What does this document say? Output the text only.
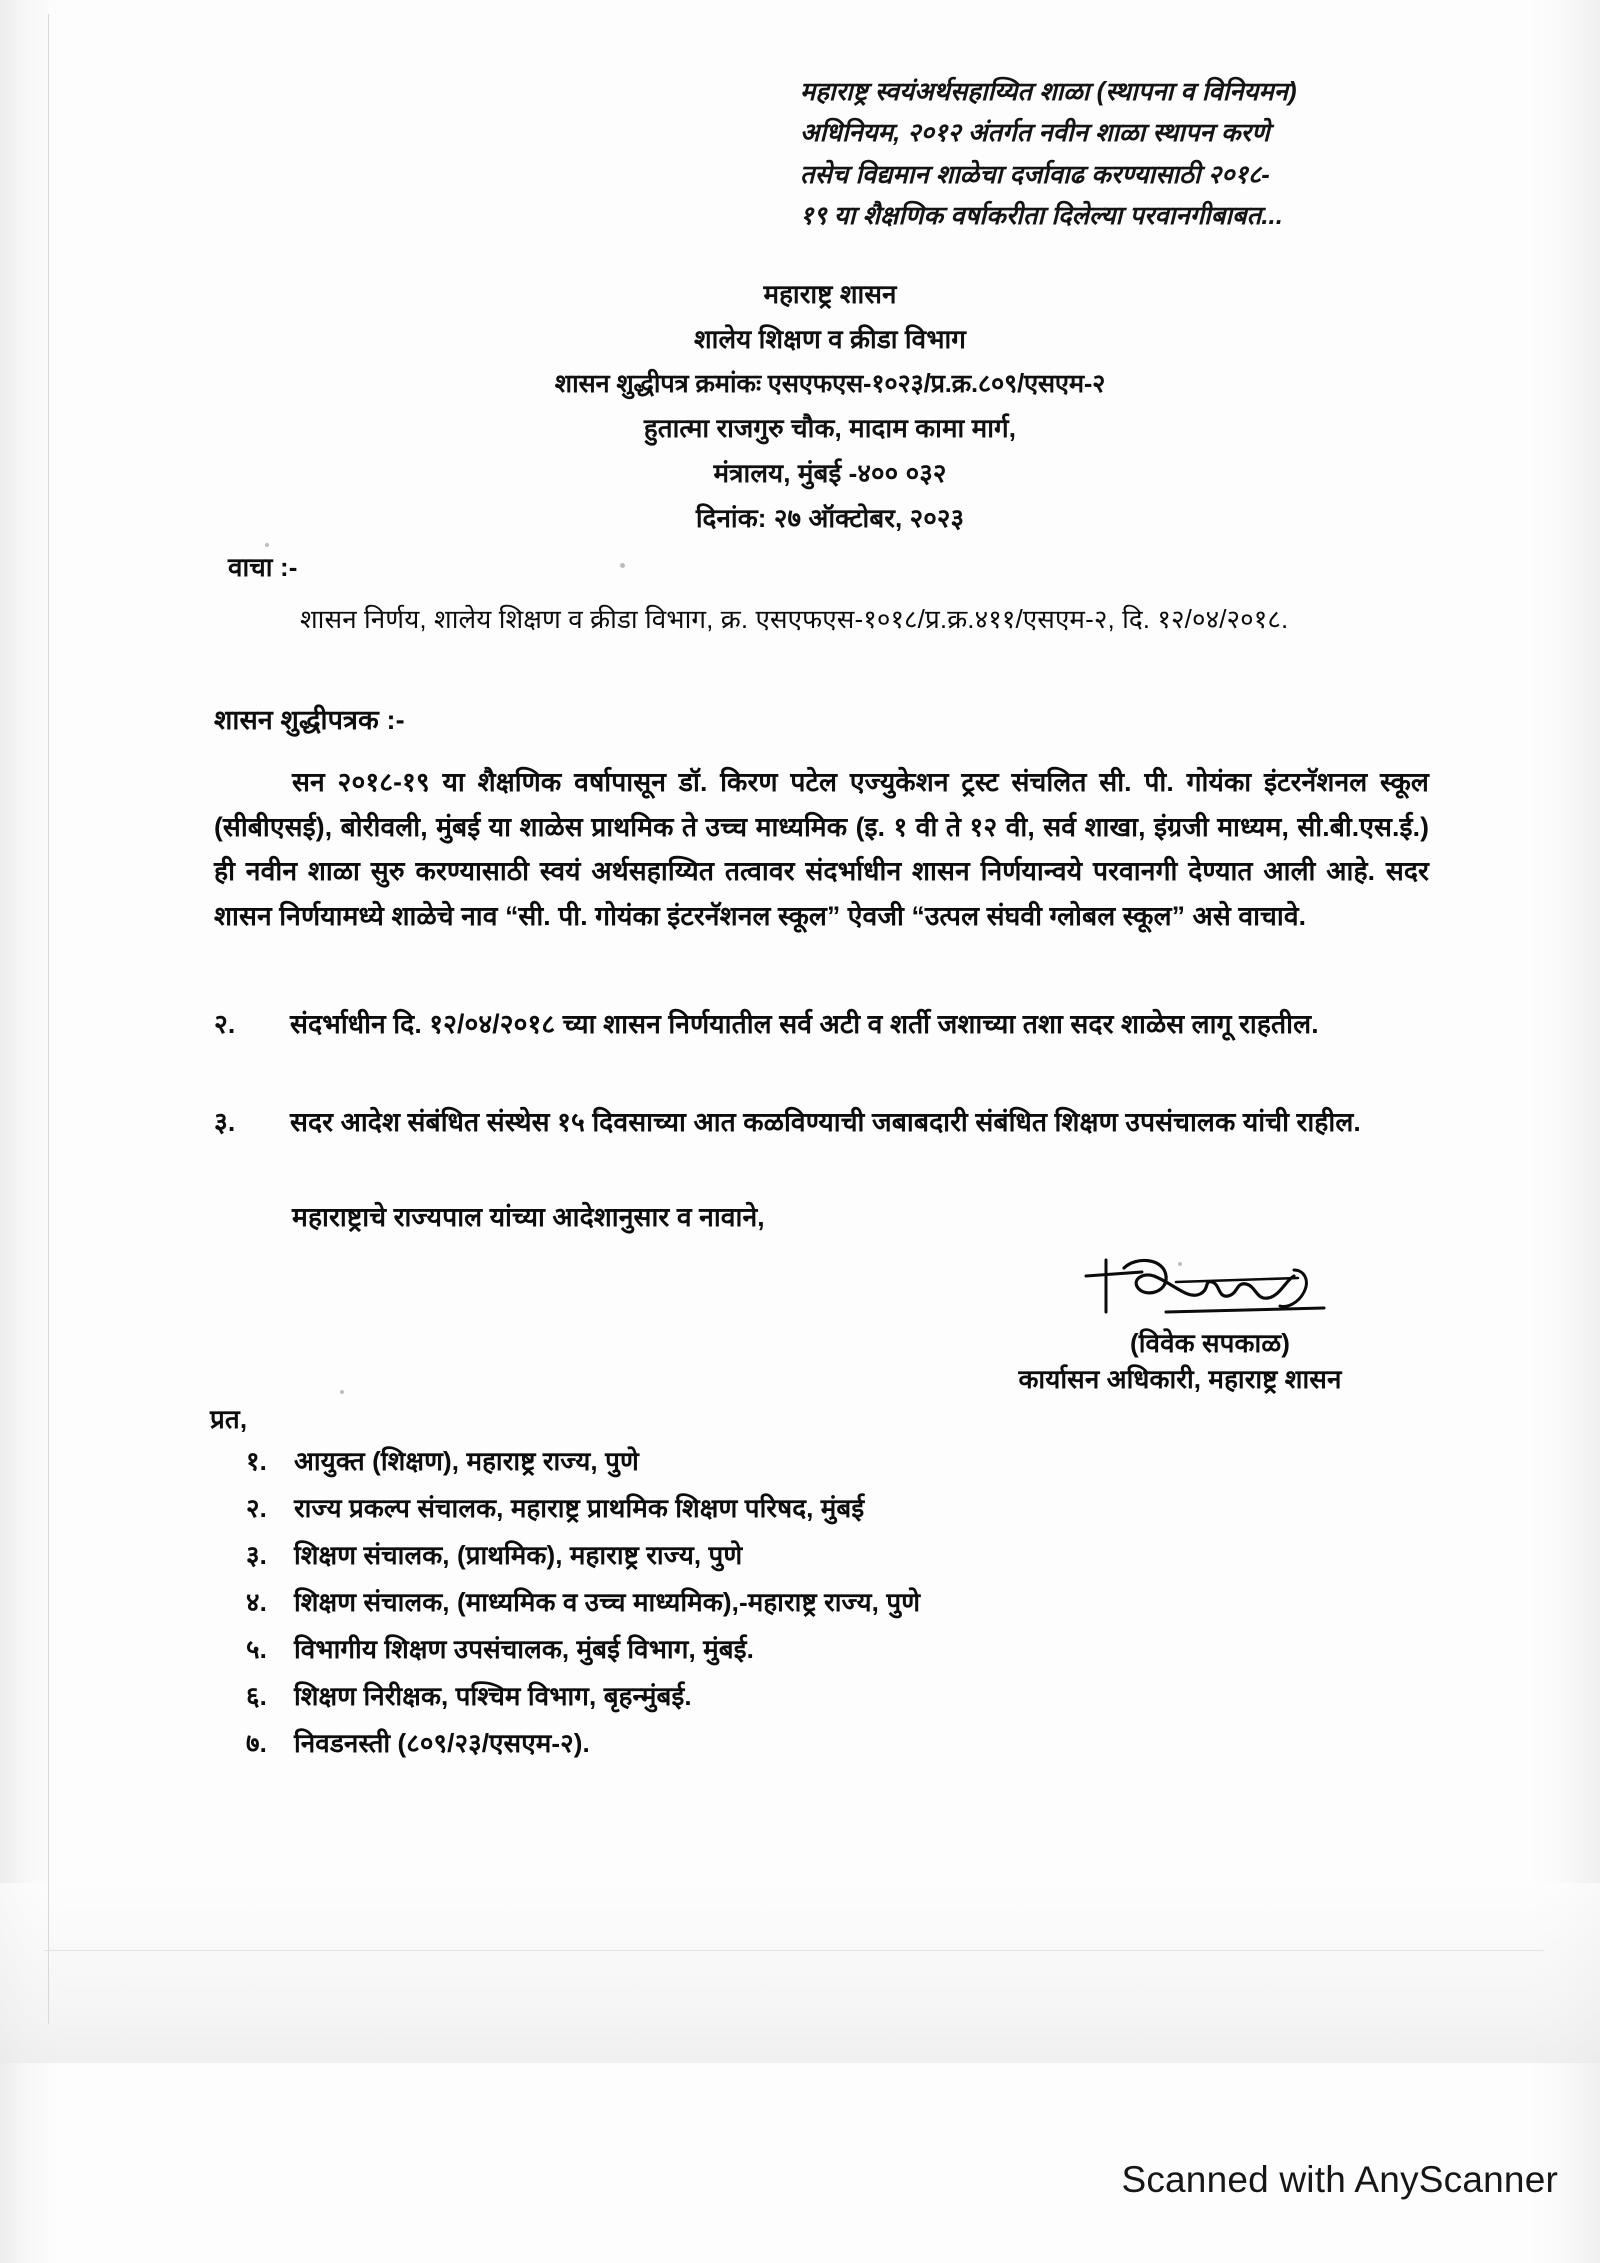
महाराष्ट्र स्वयंअर्थसहाय्यित शाळा (स्थापना व विनियमन)
अधिनियम, २०१२ अंतर्गत नवीन शाळा स्थापन करणे
तसेच विद्यमान शाळेचा दर्जावाढ करण्यासाठी २०१८-
१९ या शैक्षणिक वर्षाकरीता दिलेल्या परवानगीबाबत...
महाराष्ट्र शासन
शालेय शिक्षण व क्रीडा विभाग
शासन शुद्धीपत्र क्रमांकः एसएफएस-१०२३/प्र.क्र.८०९/एसएम-२
हुतात्मा राजगुरु चौक, मादाम कामा मार्ग,
मंत्रालय, मुंबई -४०० ०३२
दिनांक: २७ ऑक्टोबर, २०२३
वाचा :-
शासन निर्णय, शालेय शिक्षण व क्रीडा विभाग, क्र. एसएफएस-१०१८/प्र.क्र.४११/एसएम-२, दि. १२/०४/२०१८.
शासन शुद्धीपत्रक :-
सन २०१८-१९ या शैक्षणिक वर्षापासून डॉ. किरण पटेल एज्युकेशन ट्रस्ट संचलित सी. पी. गोयंका इंटरनॅशनल स्कूल (सीबीएसई), बोरीवली, मुंबई या शाळेस प्राथमिक ते उच्च माध्यमिक (इ. १ वी ते १२ वी, सर्व शाखा, इंग्रजी माध्यम, सी.बी.एस.ई.) ही नवीन शाळा सुरु करण्यासाठी स्वयं अर्थसहाय्यित तत्वावर संदर्भाधीन शासन निर्णयान्वये परवानगी देण्यात आली आहे. सदर शासन निर्णयामध्ये शाळेचे नाव “सी. पी. गोयंका इंटरनॅशनल स्कूल” ऐवजी “उत्पल संघवी ग्लोबल स्कूल” असे वाचावे.
२. संदर्भाधीन दि. १२/०४/२०१८ च्या शासन निर्णयातील सर्व अटी व शर्ती जशाच्या तशा सदर शाळेस लागू राहतील.
३. सदर आदेश संबंधित संस्थेस १५ दिवसाच्या आत कळविण्याची जबाबदारी संबंधित शिक्षण उपसंचालक यांची राहील.
महाराष्ट्राचे राज्यपाल यांच्या आदेशानुसार व नावाने,
(विवेक सपकाळ)
कार्यासन अधिकारी, महाराष्ट्र शासन
प्रत,
१. आयुक्त (शिक्षण), महाराष्ट्र राज्य, पुणे
२. राज्य प्रकल्प संचालक, महाराष्ट्र प्राथमिक शिक्षण परिषद, मुंबई
३. शिक्षण संचालक, (प्राथमिक), महाराष्ट्र राज्य, पुणे
४. शिक्षण संचालक, (माध्यमिक व उच्च माध्यमिक),-महाराष्ट्र राज्य, पुणे
५. विभागीय शिक्षण उपसंचालक, मुंबई विभाग, मुंबई.
६. शिक्षण निरीक्षक, पश्चिम विभाग, बृहन्मुंबई.
७. निवडनस्ती (८०९/२३/एसएम-२).
Scanned with AnyScanner
